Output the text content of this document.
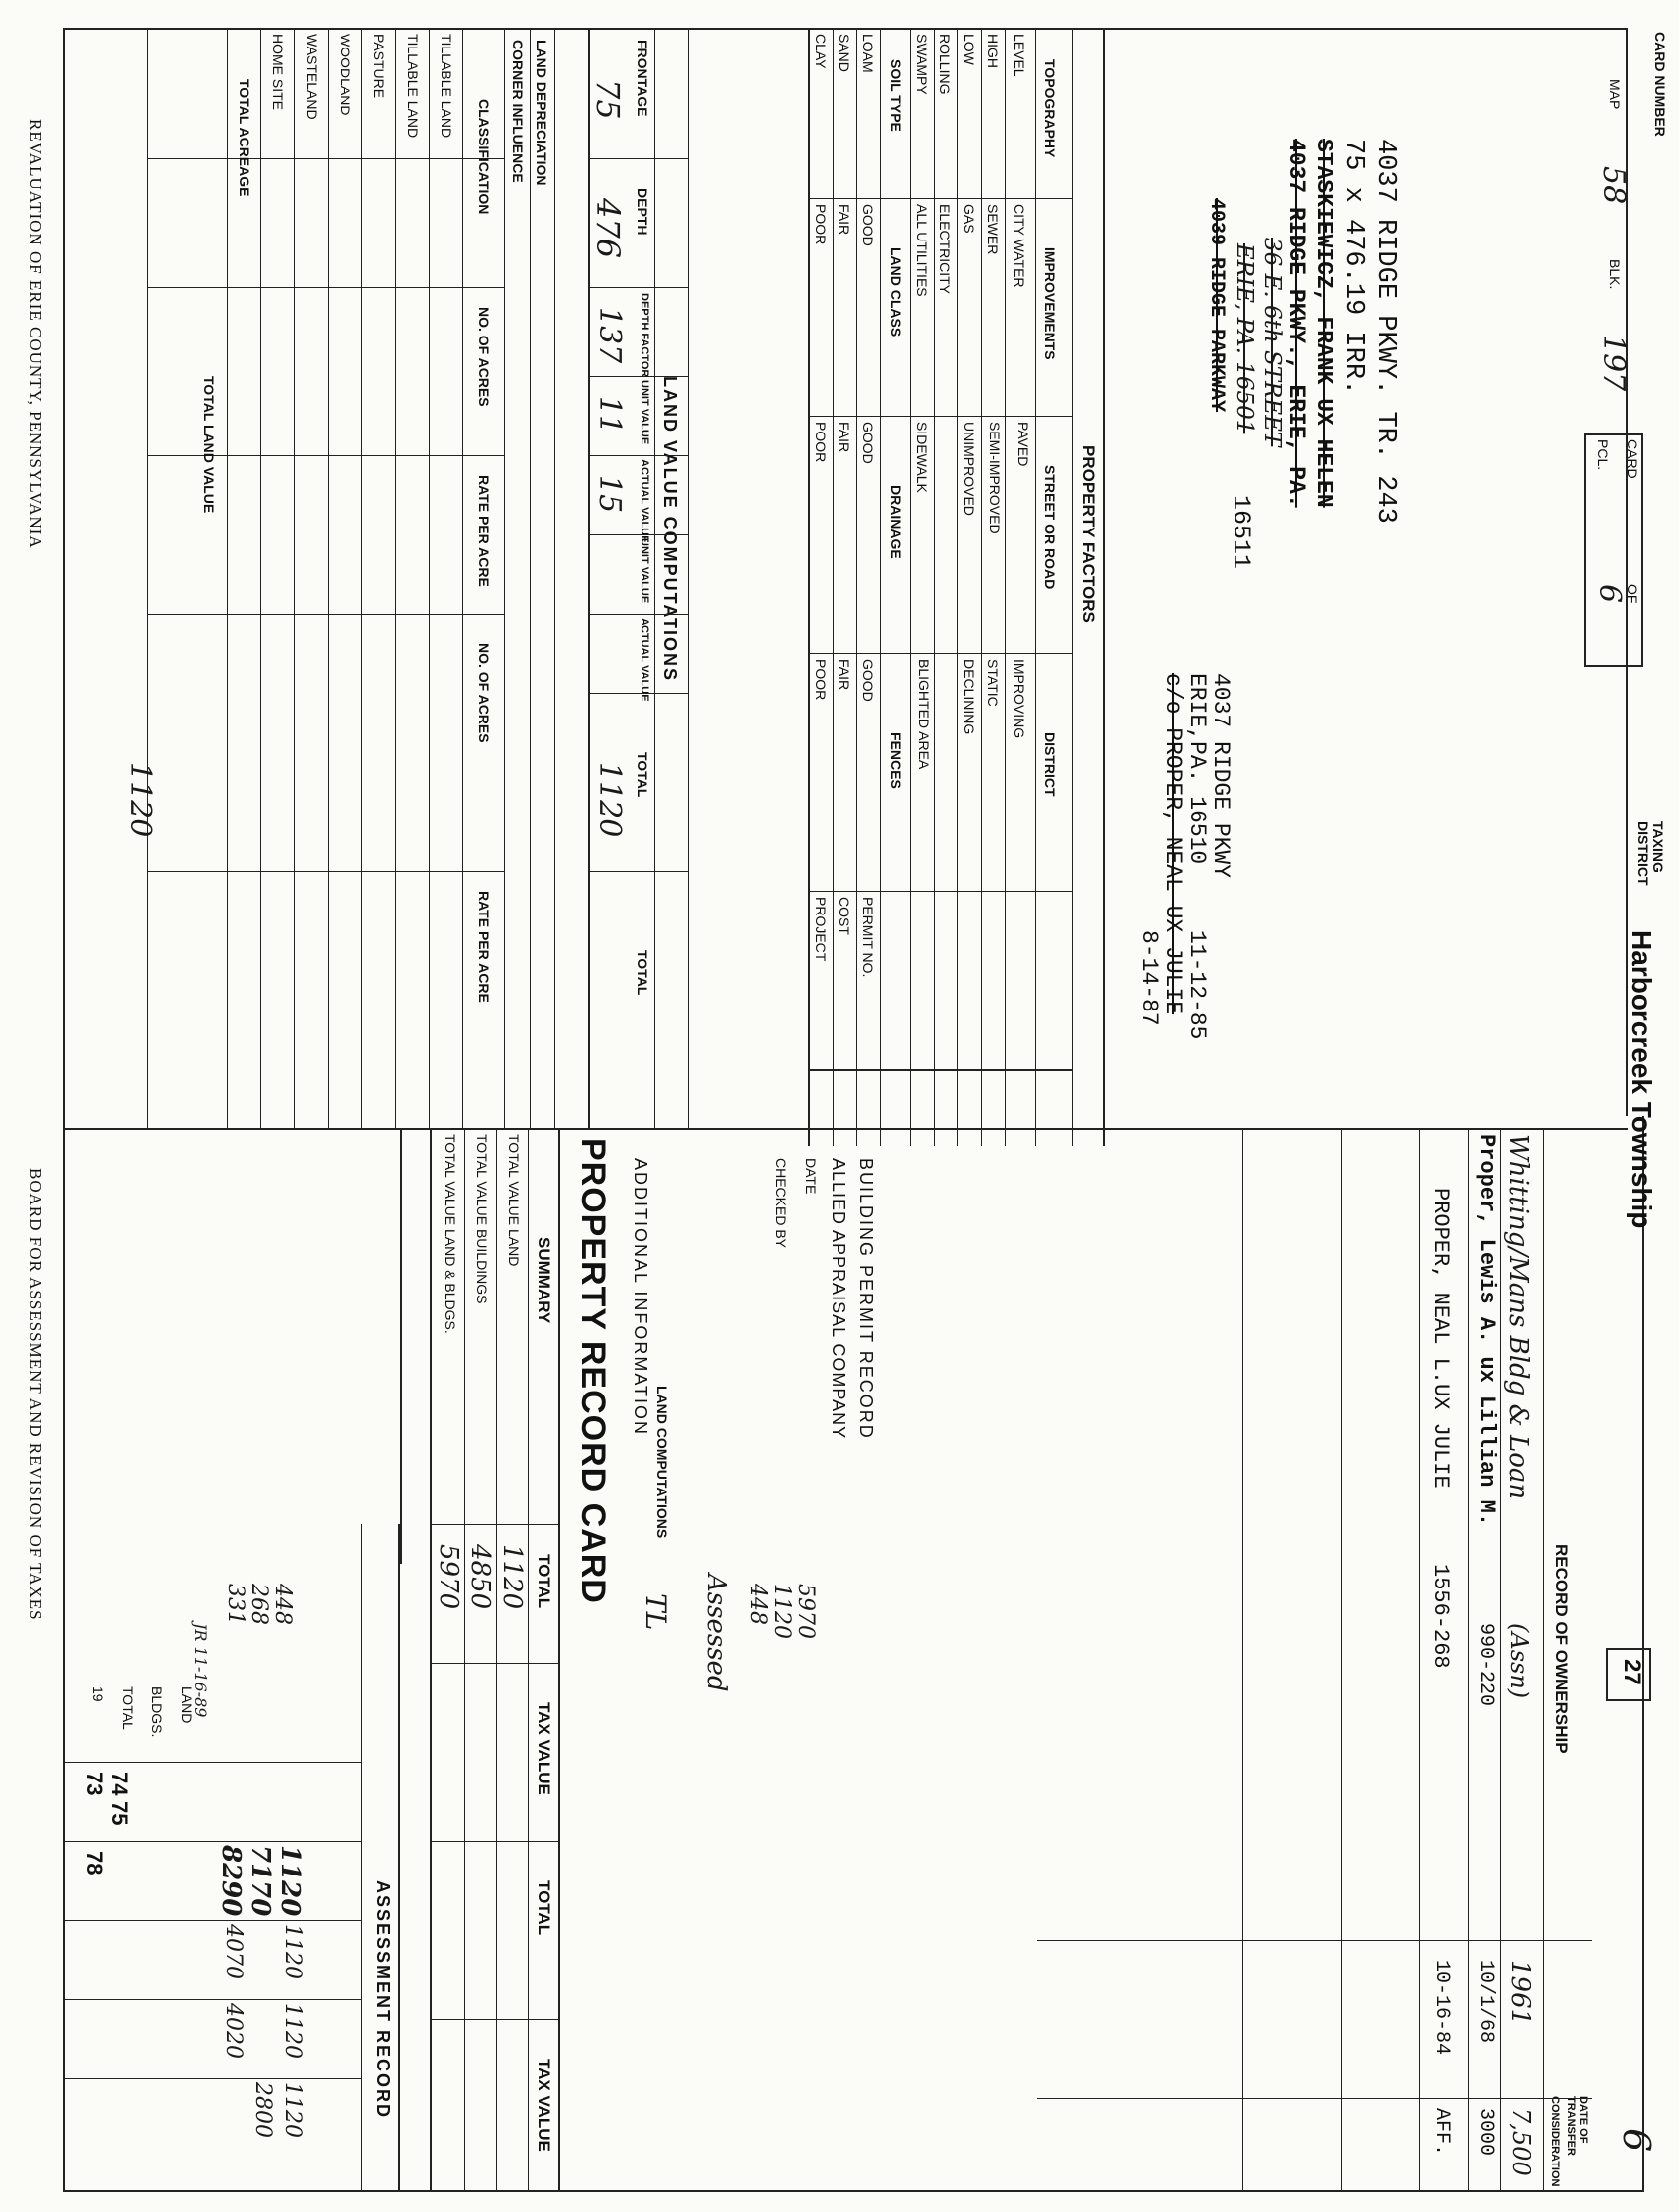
CARD NUMBER
MAP
58
BLK.
197
CARD
OF
PCL.
6
TAXING DISTRICT
Harborcreek Township
27
6
4037 RIDGE PKWY. TR. 243
75 x 476.19 IRR.
STASKIEWICZ, FRANK UX HELEN
4037 RIDGE PKWY., ERIE, PA.
36 E. 6th STREET
ERIE, PA. 16501
16511
4039 RIDGE PARKWAY
4037 RIDGE PKWY
ERIE,PA. 16510
11-12-85
c/o PROPER, NEAL UX JULIE
8-14-87
PROPERTY FACTORS
TOPOGRAPHY
IMPROVEMENTS
STREET OR ROAD
DISTRICT
LEVEL
HIGH
LOW
ROLLING
SWAMPY
CITY WATER
SEWER
GAS
ELECTRICITY
ALL UTILITIES
PAVED
SEMI-IMPROVED
UNIMPROVED
SIDEWALK
IMPROVING
STATIC
DECLINING
BLIGHTED AREA
SOIL TYPE
LAND CLASS
DRAINAGE
FENCES
LOAM
SAND
CLAY
GOOD
FAIR
POOR
GOOD
FAIR
POOR
GOOD
FAIR
POOR
PERMIT NO.
COST
PROJECT
RECORD OF OWNERSHIP
DATE OF TRANSFER
CONSIDERATION
Whitting/Mans Bldg & Loan
(Assn)
1961
7,500
Proper, Lewis A. ux Lillian M.
990-220
10/1/68
3000
PROPER, NEAL L.UX JULIE
1556-268
10-16-84
AFF.
SUMMARY
TOTAL
TAX VALUE
TOTAL
TAX VALUE
TOTAL VALUE LAND
TOTAL VALUE BUILDINGS
TOTAL VALUE LAND & BLDGS.
1120
4850
5970	PROPERTY RECORD CARD ADDITIONAL INFORMATION	ALLIED APPRAISAL COMPANY BUILDING PERMIT RECORD
DATE
CHECKED BY
TL Assessed 448 1120 5970
LAND VALUE COMPUTATIONS
FRONTAGE
DEPTH
DEPTH FACTOR
UNIT VALUE
ACTUAL VALUE
UNIT VALUE
ACTUAL VALUE
TOTAL
TOTAL
75
476
137
11
15
1120
LAND DEPRECIATION
CORNER INFLUENCE
CLASSIFICATION
NO. OF ACRES
RATE PER ACRE
NO. OF ACRES
RATE PER ACRE
TILLABLE LAND
TILLABLE LAND
PASTURE
WOODLAND
WASTELAND
HOME SITE
TOTAL ACREAGE
TOTAL LAND VALUE
1120
LAND COMPUTATIONS
448
268
331
JR 11-16-89
ASSESSMENT RECORD
19 TOTAL BLDGS. LAND
73
78
74
75
1120
2800
1120
4020
1120
4070
1120
7170
8290
REVALUATION OF ERIE COUNTY, PENNSYLVANIA
BOARD FOR ASSESSMENT AND REVISION OF TAXES
